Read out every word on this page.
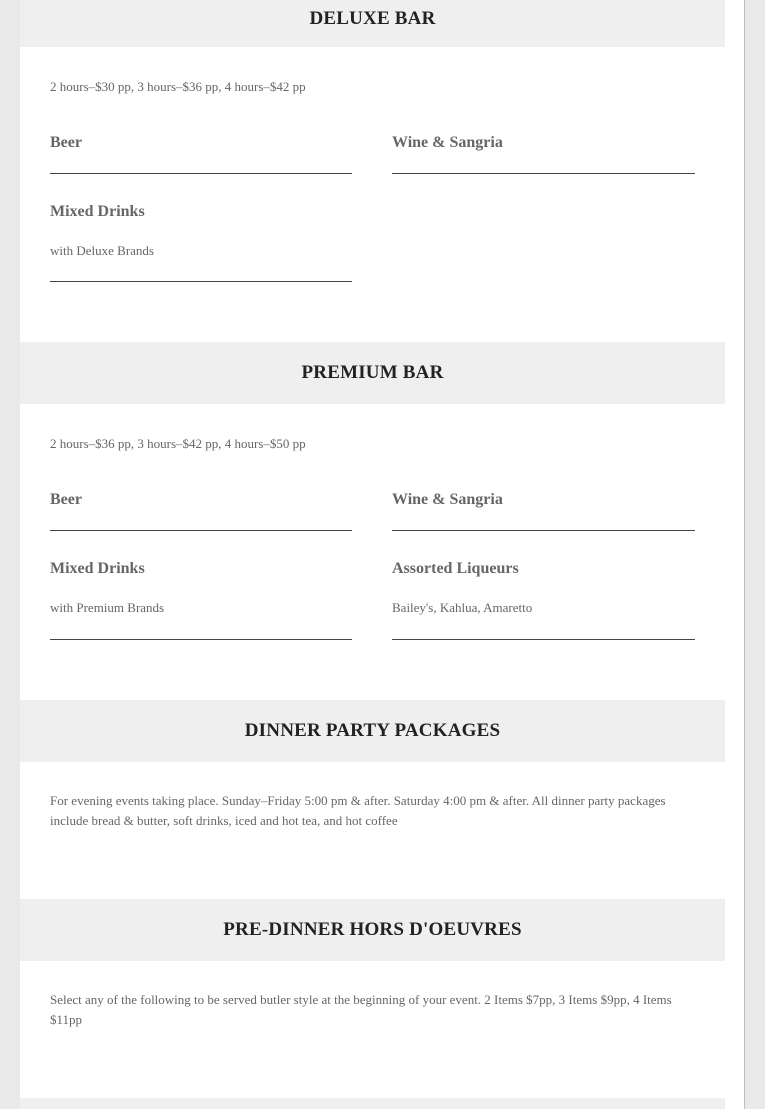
DELUXE BAR
2 hours–$30 pp, 3 hours–$36 pp, 4 hours–$42 pp
Beer	Wine & Sangria
Mixed Drinks
with Deluxe Brands
PREMIUM BAR
2 hours–$36 pp, 3 hours–$42 pp, 4 hours–$50 pp
Beer	Wine & Sangria
Mixed Drinks
with Premium Brands
Assorted Liqueurs
Bailey's, Kahlua, Amaretto
DINNER PARTY PACKAGES
For evening events taking place. Sunday–Friday 5:00 pm & after. Saturday 4:00 pm & after. All dinner party packages include bread & butter, soft drinks, iced and hot tea, and hot coffee
PRE-DINNER HORS D'OEUVRES
Select any of the following to be served butler style at the beginning of your event. 2 Items $7pp, 3 Items $9pp, 4 Items $11pp
